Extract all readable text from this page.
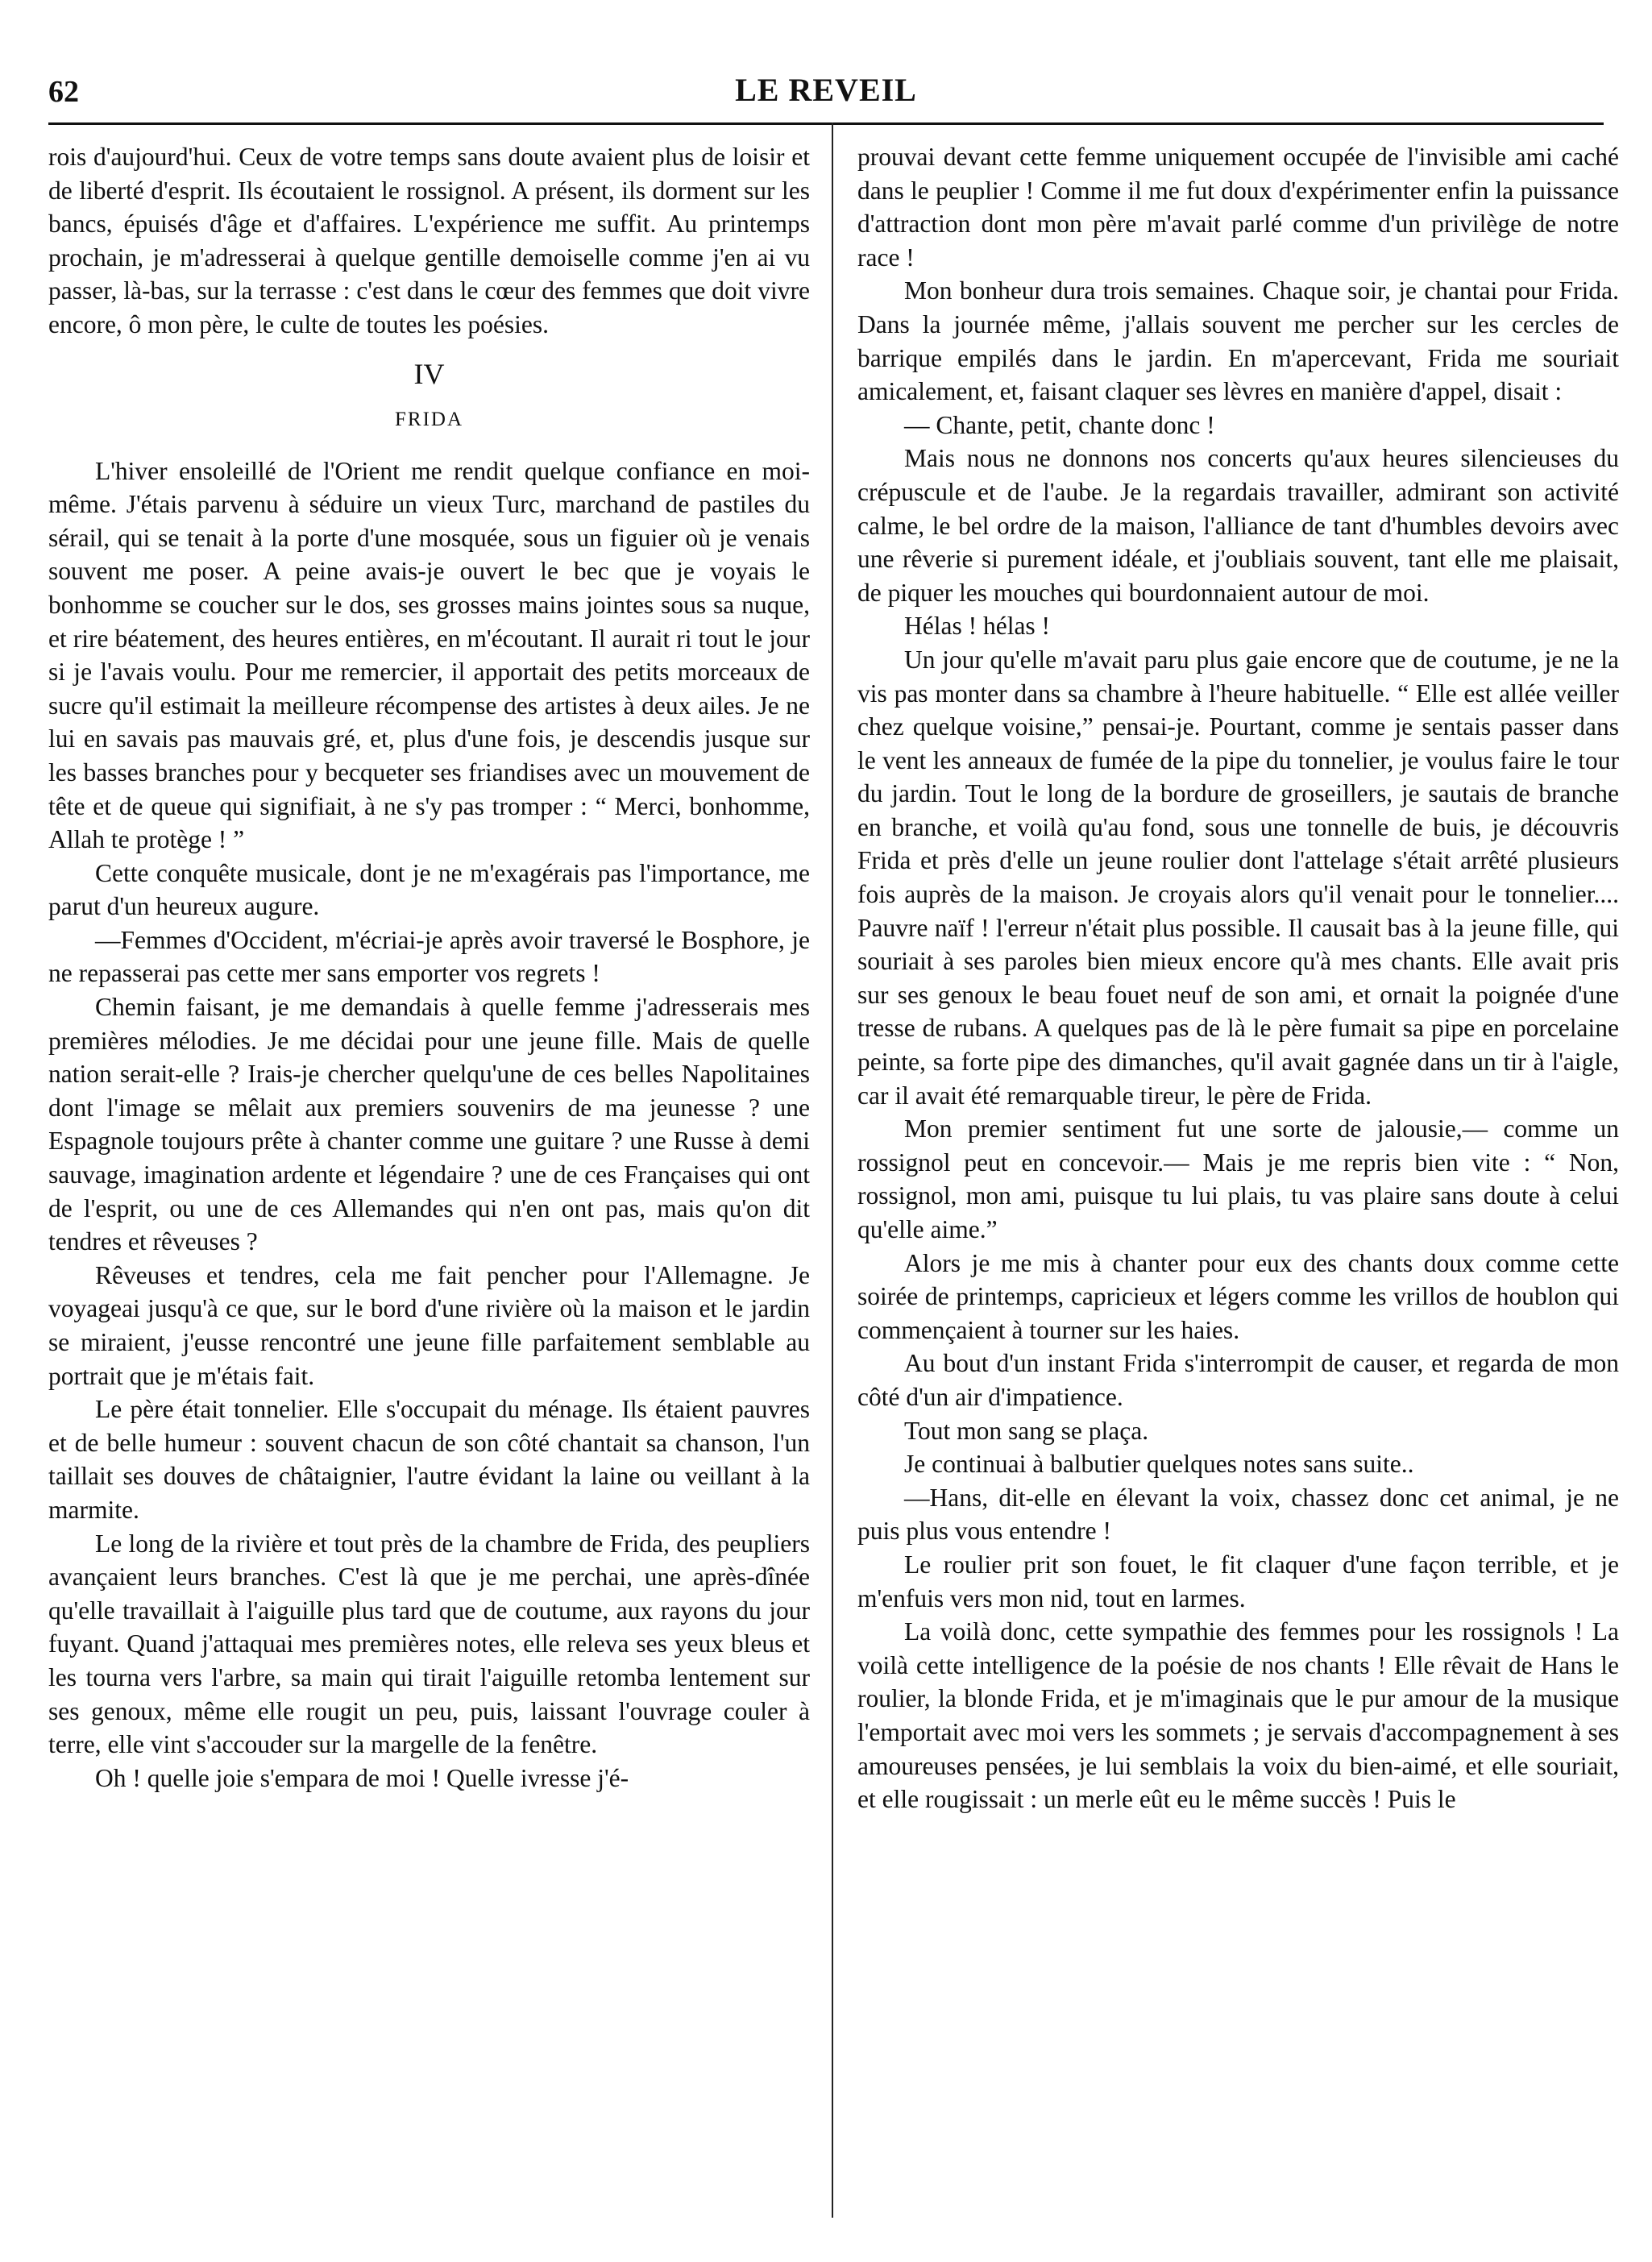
62	LE REVEIL

rois d'aujourd'hui. Ceux de votre temps sans doute avaient plus de loisir et de liberté d'esprit. Ils écoutaient le rossignol. A présent, ils dorment sur les bancs, épuisés d'âge et d'affaires. L'expérience me suffit. Au printemps prochain, je m'adresserai à quelque gentille demoiselle comme j'en ai vu passer, là-bas, sur la terrasse : c'est dans le cœur des femmes que doit vivre encore, ô mon père, le culte de toutes les poésies.

IV
FRIDA

L'hiver ensoleillé de l'Orient me rendit quelque confiance en moi-même. J'étais parvenu à séduire un vieux Turc, marchand de pastiles du sérail, qui se tenait à la porte d'une mosquée, sous un figuier où je venais souvent me poser. A peine avais-je ouvert le bec que je voyais le bonhomme se coucher sur le dos, ses grosses mains jointes sous sa nuque, et rire béatement, des heures entières, en m'écoutant. Il aurait ri tout le jour si je l'avais voulu. Pour me remercier, il apportait des petits morceaux de sucre qu'il estimait la meilleure récompense des artistes à deux ailes. Je ne lui en savais pas mauvais gré, et, plus d'une fois, je descendis jusque sur les basses branches pour y becqueter ses friandises avec un mouvement de tête et de queue qui signifiait, à ne s'y pas tromper : “ Merci, bonhomme, Allah te protège ! ”

Cette conquête musicale, dont je ne m'exagérais pas l'importance, me parut d'un heureux augure.

—Femmes d'Occident, m'écriai-je après avoir traversé le Bosphore, je ne repasserai pas cette mer sans emporter vos regrets !

Chemin faisant, je me demandais à quelle femme j'adresserais mes premières mélodies. Je me décidai pour une jeune fille. Mais de quelle nation serait-elle ? Irais-je chercher quelqu'une de ces belles Napolitaines dont l'image se mêlait aux premiers souvenirs de ma jeunesse ? une Espagnole toujours prête à chanter comme une guitare ? une Russe à demi sauvage, imagination ardente et légendaire ? une de ces Françaises qui ont de l'esprit, ou une de ces Allemandes qui n'en ont pas, mais qu'on dit tendres et rêveuses ?

Rêveuses et tendres, cela me fait pencher pour l'Allemagne. Je voyageai jusqu'à ce que, sur le bord d'une rivière où la maison et le jardin se miraient, j'eusse rencontré une jeune fille parfaitement semblable au portrait que je m'étais fait.

Le père était tonnelier. Elle s'occupait du ménage. Ils étaient pauvres et de belle humeur : souvent chacun de son côté chantait sa chanson, l'un taillait ses douves de châtaignier, l'autre évidant la laine ou veillant à la marmite.

Le long de la rivière et tout près de la chambre de Frida, des peupliers avançaient leurs branches. C'est là que je me perchai, une après-dînée qu'elle travaillait à l'aiguille plus tard que de coutume, aux rayons du jour fuyant. Quand j'attaquai mes premières notes, elle releva ses yeux bleus et les tourna vers l'arbre, sa main qui tirait l'aiguille retomba lentement sur ses genoux, même elle rougit un peu, puis, laissant l'ouvrage couler à terre, elle vint s'accouder sur la margelle de la fenêtre.

Oh ! quelle joie s'empara de moi ! Quelle ivresse j'é-

prouvai devant cette femme uniquement occupée de l'invisible ami caché dans le peuplier ! Comme il me fut doux d'expérimenter enfin la puissance d'attraction dont mon père m'avait parlé comme d'un privilège de notre race !

Mon bonheur dura trois semaines. Chaque soir, je chantai pour Frida. Dans la journée même, j'allais souvent me percher sur les cercles de barrique empilés dans le jardin. En m'apercevant, Frida me souriait amicalement, et, faisant claquer ses lèvres en manière d'appel, disait :

— Chante, petit, chante donc !

Mais nous ne donnons nos concerts qu'aux heures silencieuses du crépuscule et de l'aube. Je la regardais travailler, admirant son activité calme, le bel ordre de la maison, l'alliance de tant d'humbles devoirs avec une rêverie si purement idéale, et j'oubliais souvent, tant elle me plaisait, de piquer les mouches qui bourdonnaient autour de moi.

Hélas ! hélas !

Un jour qu'elle m'avait paru plus gaie encore que de coutume, je ne la vis pas monter dans sa chambre à l'heure habituelle. “ Elle est allée veiller chez quelque voisine,” pensai-je. Pourtant, comme je sentais passer dans le vent les anneaux de fumée de la pipe du tonnelier, je voulus faire le tour du jardin. Tout le long de la bordure de groseillers, je sautais de branche en branche, et voilà qu'au fond, sous une tonnelle de buis, je découvris Frida et près d'elle un jeune roulier dont l'attelage s'était arrêté plusieurs fois auprès de la maison. Je croyais alors qu'il venait pour le tonnelier.... Pauvre naïf ! l'erreur n'était plus possible. Il causait bas à la jeune fille, qui souriait à ses paroles bien mieux encore qu'à mes chants. Elle avait pris sur ses genoux le beau fouet neuf de son ami, et ornait la poignée d'une tresse de rubans. A quelques pas de là le père fumait sa pipe en porcelaine peinte, sa forte pipe des dimanches, qu'il avait gagnée dans un tir à l'aigle, car il avait été remarquable tireur, le père de Frida.

Mon premier sentiment fut une sorte de jalousie,— comme un rossignol peut en concevoir.— Mais je me repris bien vite : “ Non, rossignol, mon ami, puisque tu lui plais, tu vas plaire sans doute à celui qu'elle aime.”

Alors je me mis à chanter pour eux des chants doux comme cette soirée de printemps, capricieux et légers comme les vrillos de houblon qui commençaient à tourner sur les haies.

Au bout d'un instant Frida s'interrompit de causer, et regarda de mon côté d'un air d'impatience.

Tout mon sang se plaça.

Je continuai à balbutier quelques notes sans suite..

—Hans, dit-elle en élevant la voix, chassez donc cet animal, je ne puis plus vous entendre !

Le roulier prit son fouet, le fit claquer d'une façon terrible, et je m'enfuis vers mon nid, tout en larmes.

La voilà donc, cette sympathie des femmes pour les rossignols ! La voilà cette intelligence de la poésie de nos chants ! Elle rêvait de Hans le roulier, la blonde Frida, et je m'imaginais que le pur amour de la musique l'emportait avec moi vers les sommets ; je servais d'accompagnement à ses amoureuses pensées, je lui semblais la voix du bien-aimé, et elle souriait, et elle rougissait : un merle eût eu le même succès ! Puis le
